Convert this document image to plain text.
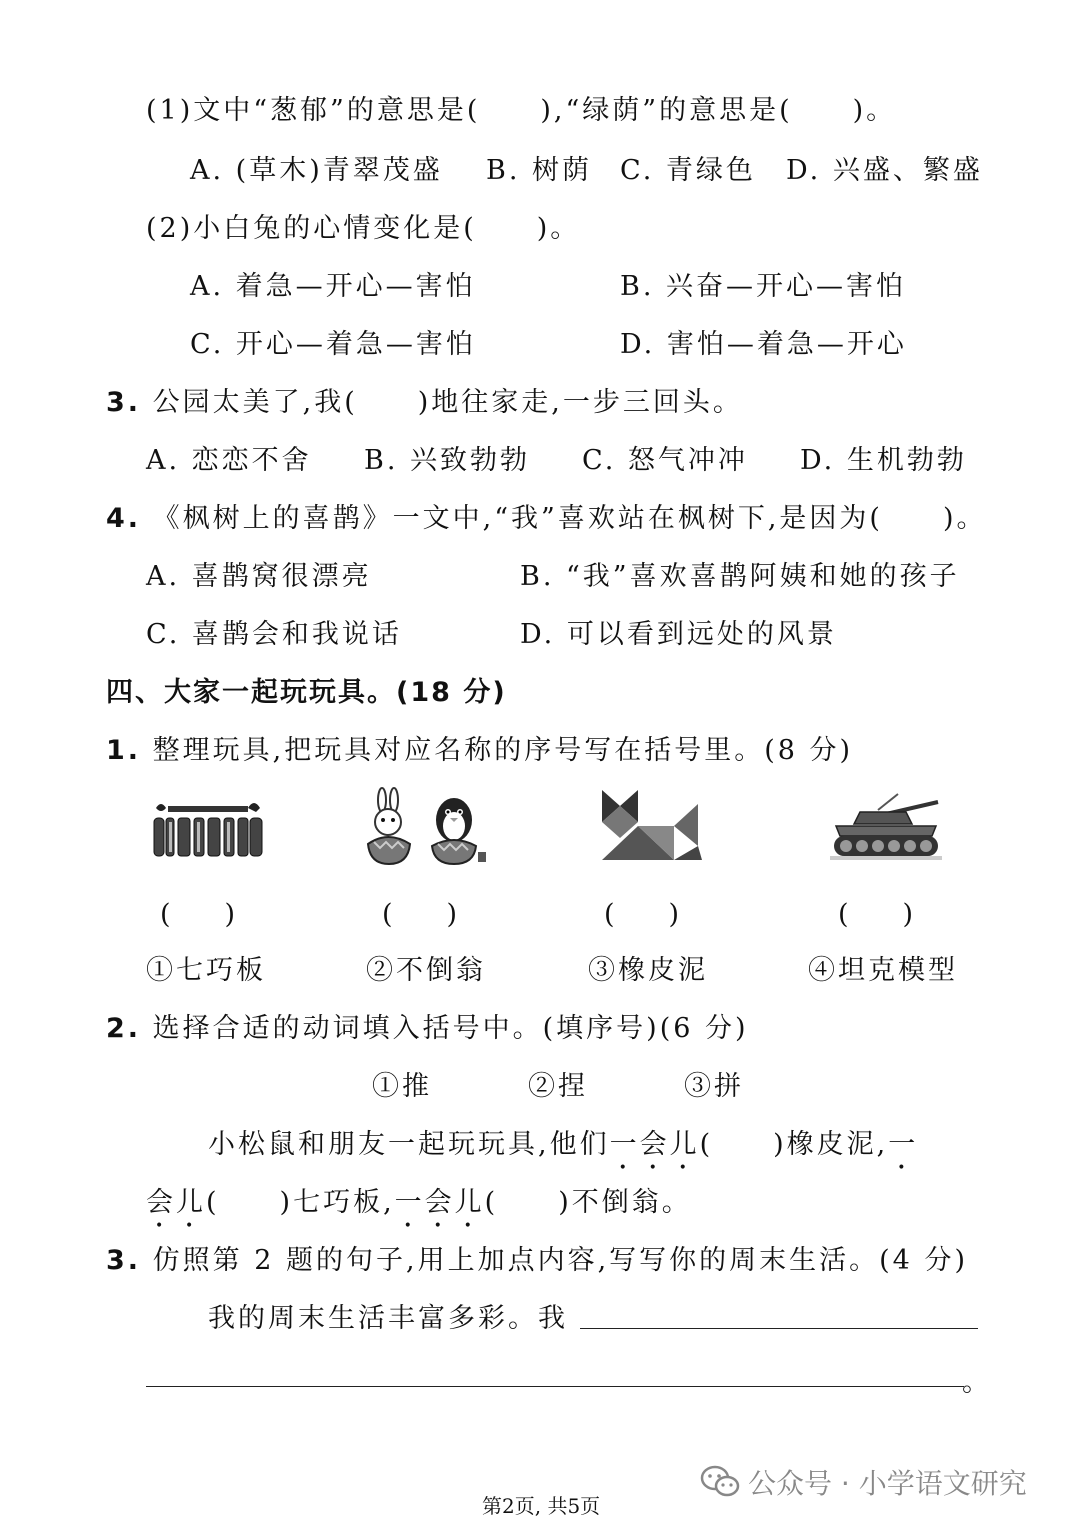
(1)文中“葱郁”的意思是(　　),“绿荫”的意思是(　　)。
A. (草木)青翠茂盛 B. 树荫 C. 青绿色 D. 兴盛、繁盛
(2)小白兔的心情变化是(　　)。
A. 着急—开心—害怕	B. 兴奋—开心—害怕
C. 开心—着急—害怕	D. 害怕—着急—开心
3. 公园太美了,我(　　)地往家走,一步三回头。
A. 恋恋不舍 B. 兴致勃勃 C. 怒气冲冲 D. 生机勃勃
4. 《枫树上的喜鹊》一文中,“我”喜欢站在枫树下,是因为(　　)。
A. 喜鹊窝很漂亮	B. “我”喜欢喜鹊阿姨和她的孩子
C. 喜鹊会和我说话	D. 可以看到远处的风景
四、大家一起玩玩具。(18 分)
1. 整理玩具,把玩具对应名称的序号写在括号里。(8 分)
(　　)	(　　)	(　　)	(　　)
①七巧板	②不倒翁	③橡皮泥	④坦克模型
2. 选择合适的动词填入括号中。(填序号)(6 分)
①推	②捏	③拼
小松鼠和朋友一起玩玩具,他们一会儿(　　)橡皮泥,一
会儿(　　)七巧板,一会儿(　　)不倒翁。
3. 仿照第 2 题的句子,用上加点内容,写写你的周末生活。(4 分)
我的周末生活丰富多彩。我
。
公众号 · 小学语文研究
第2页, 共5页
